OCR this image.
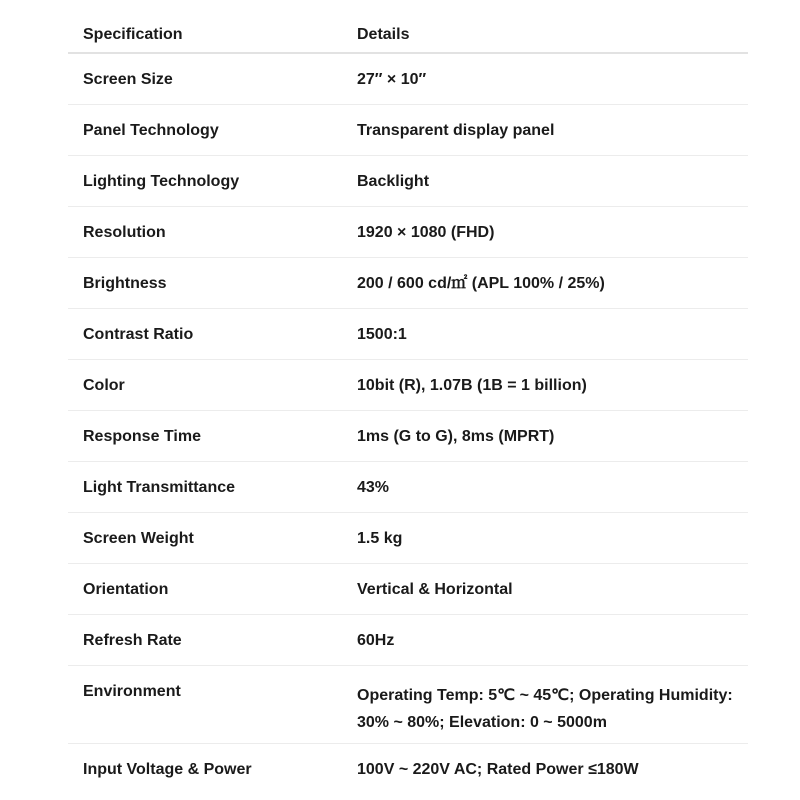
Specification	Details
Screen Size	27″ × 10″
Panel Technology	Transparent display panel
Lighting Technology	Backlight
Resolution	1920 × 1080 (FHD)
Brightness	200 / 600 cd/㎡ (APL 100% / 25%)
Contrast Ratio	1500:1
Color	10bit (R), 1.07B (1B = 1 billion)
Response Time	1ms (G to G), 8ms (MPRT)
Light Transmittance	43%
Screen Weight	1.5 kg
Orientation	Vertical & Horizontal
Refresh Rate	60Hz
Environment	Operating Temp: 5℃ ~ 45℃; Operating Humidity: 30% ~ 80%; Elevation: 0 ~ 5000m
Input Voltage & Power	100V ~ 220V AC; Rated Power ≤180W
